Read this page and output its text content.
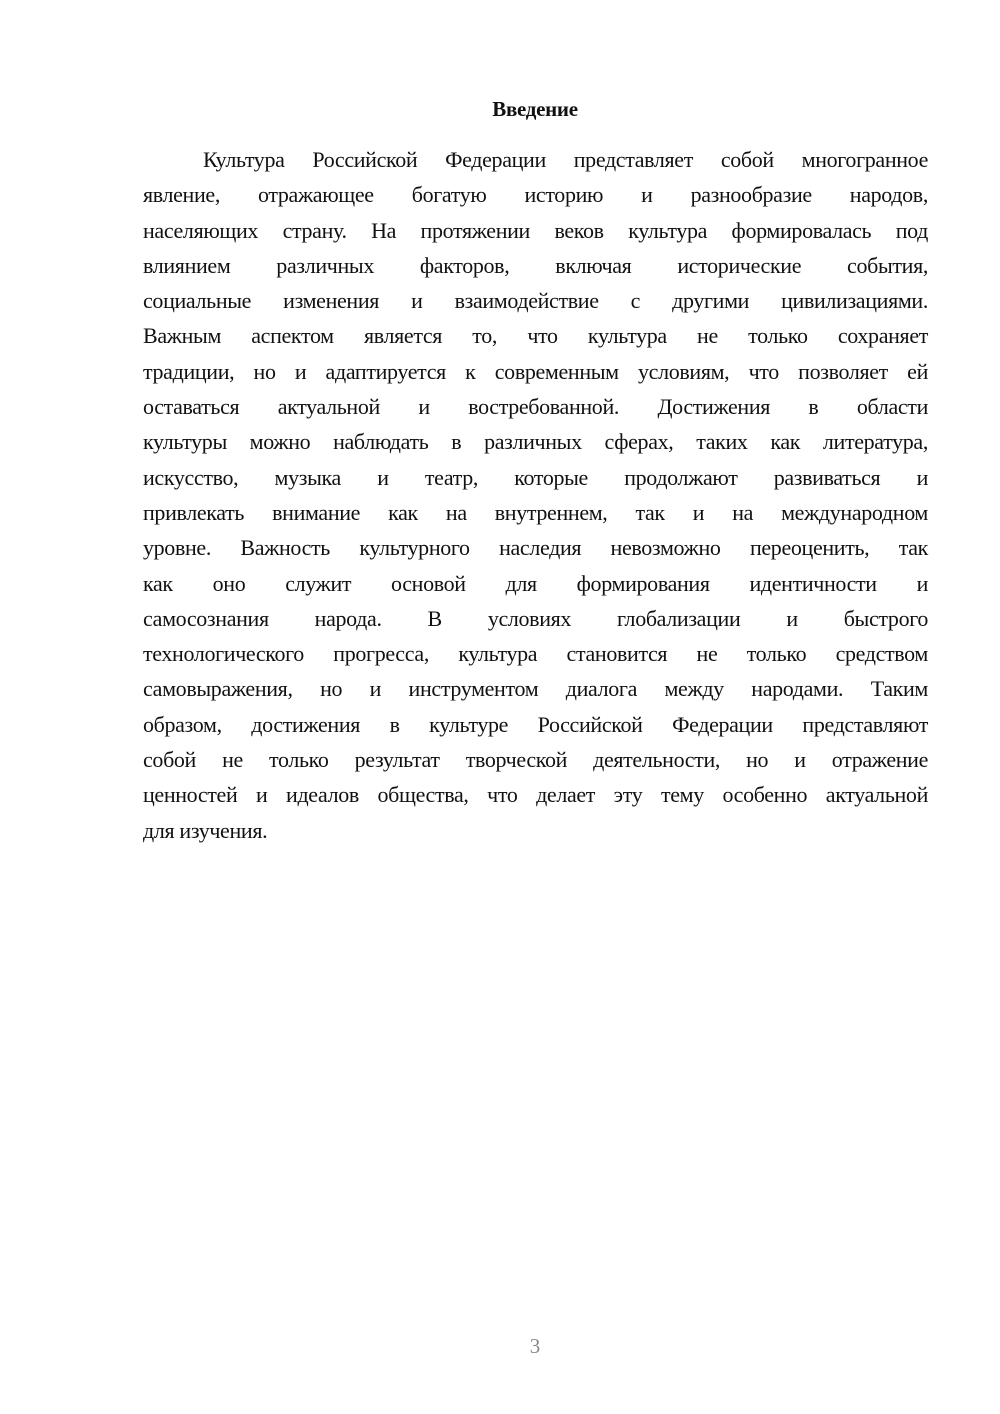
Введение
Культура Российской Федерации представляет собой многогранное
явление, отражающее богатую историю и разнообразие народов,
населяющих страну. На протяжении веков культура формировалась под
влиянием различных факторов, включая исторические события,
социальные изменения и взаимодействие с другими цивилизациями.
Важным аспектом является то, что культура не только сохраняет
традиции, но и адаптируется к современным условиям, что позволяет ей
оставаться актуальной и востребованной. Достижения в области
культуры можно наблюдать в различных сферах, таких как литература,
искусство, музыка и театр, которые продолжают развиваться и
привлекать внимание как на внутреннем, так и на международном
уровне. Важность культурного наследия невозможно переоценить, так
как оно служит основой для формирования идентичности и
самосознания народа. В условиях глобализации и быстрого
технологического прогресса, культура становится не только средством
самовыражения, но и инструментом диалога между народами. Таким
образом, достижения в культуре Российской Федерации представляют
собой не только результат творческой деятельности, но и отражение
ценностей и идеалов общества, что делает эту тему особенно актуальной
для изучения.
3
